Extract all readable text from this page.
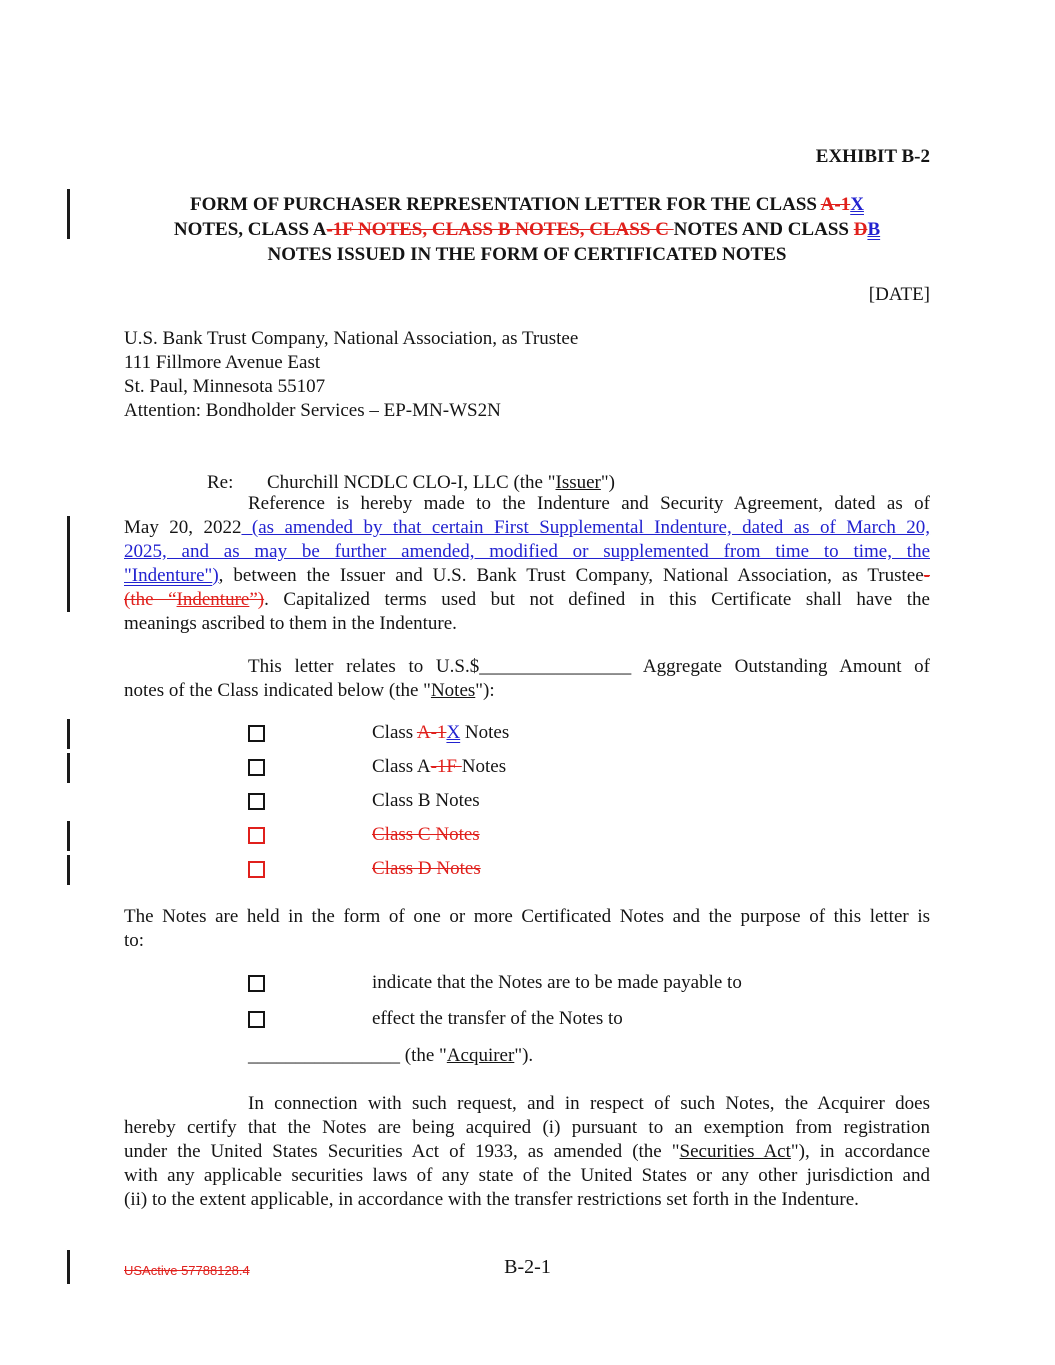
EXHIBIT B-2
FORM OF PURCHASER REPRESENTATION LETTER FOR THE CLASS A-1X
NOTES, CLASS A-1F NOTES, CLASS B NOTES, CLASS C NOTES AND CLASS DB
NOTES ISSUED IN THE FORM OF CERTIFICATED NOTES
[DATE]
U.S. Bank Trust Company, National Association, as Trustee
111 Fillmore Avenue East
St. Paul, Minnesota 55107
Attention: Bondholder Services – EP-MN-WS2N

Re: Churchill NCDLC CLO-I, LLC (the "Issuer")

Reference is hereby made to the Indenture and Security Agreement, dated as of
May 20, 2022 (as amended by that certain First Supplemental Indenture, dated as of March 20,
2025, and as may be further amended, modified or supplemented from time to time, the
"Indenture"), between the Issuer and U.S. Bank Trust Company, National Association, as Trustee-
(the “Indenture”). Capitalized terms used but not defined in this Certificate shall have the
meanings ascribed to them in the Indenture.
This letter relates to U.S.$________________ Aggregate Outstanding Amount of
notes of the Class indicated below (the "Notes"):
Class A-1X Notes
Class A-1F Notes
Class B Notes
Class C Notes
Class D Notes
The Notes are held in the form of one or more Certificated Notes and the purpose of this letter is
to:
indicate that the Notes are to be made payable to
effect the transfer of the Notes to
________________ (the "Acquirer").
In connection with such request, and in respect of such Notes, the Acquirer does
hereby certify that the Notes are being acquired (i) pursuant to an exemption from registration
under the United States Securities Act of 1933, as amended (the "Securities Act"), in accordance
with any applicable securities laws of any state of the United States or any other jurisdiction and
(ii) to the extent applicable, in accordance with the transfer restrictions set forth in the Indenture.
USActive 57788128.4	B-2-1
